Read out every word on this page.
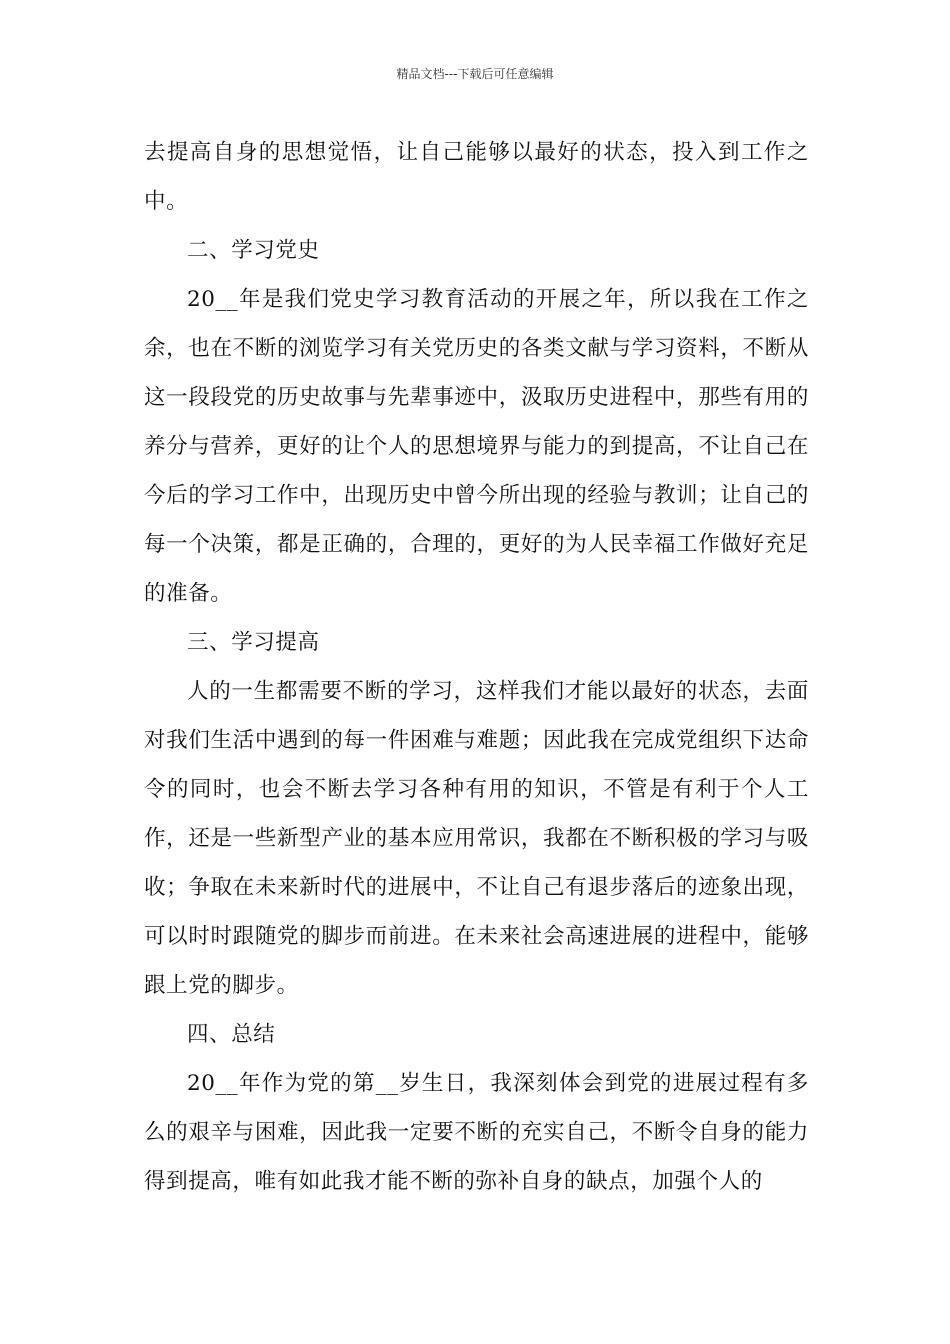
精品文档---下载后可任意编辑

去提高自身的思想觉悟，让自己能够以最好的状态，投入到工作之中。

二、学习党史

20__年是我们党史学习教育活动的开展之年，所以我在工作之余，也在不断的浏览学习有关党历史的各类文献与学习资料，不断从这一段段党的历史故事与先辈事迹中，汲取历史进程中，那些有用的养分与营养，更好的让个人的思想境界与能力的到提高，不让自己在今后的学习工作中，出现历史中曾今所出现的经验与教训；让自己的每一个决策，都是正确的，合理的，更好的为人民幸福工作做好充足的准备。

三、学习提高

人的一生都需要不断的学习，这样我们才能以最好的状态，去面对我们生活中遇到的每一件困难与难题；因此我在完成党组织下达命令的同时，也会不断去学习各种有用的知识，不管是有利于个人工作，还是一些新型产业的基本应用常识，我都在不断积极的学习与吸收；争取在未来新时代的进展中，不让自己有退步落后的迹象出现，可以时时跟随党的脚步而前进。在未来社会高速进展的进程中，能够跟上党的脚步。

四、总结

20__年作为党的第__岁生日，我深刻体会到党的进展过程有多么的艰辛与困难，因此我一定要不断的充实自己，不断令自身的能力得到提高，唯有如此我才能不断的弥补自身的缺点，加强个人的
